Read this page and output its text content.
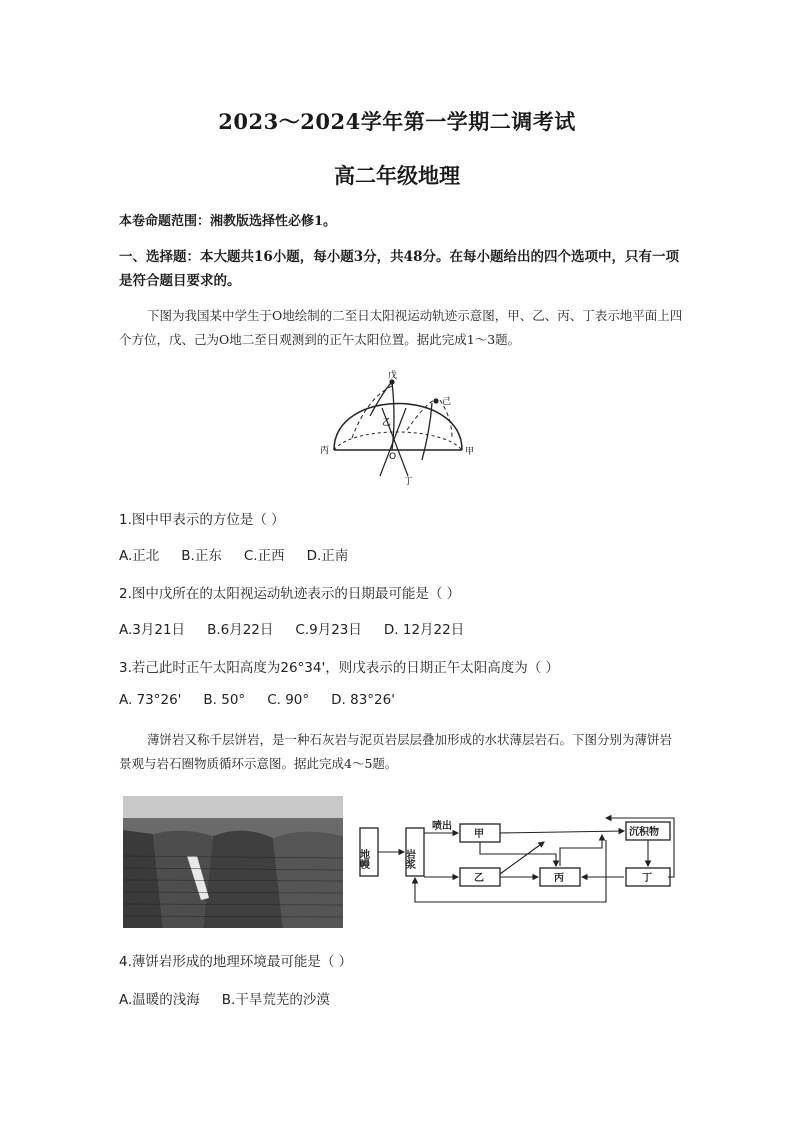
2023～2024学年第一学期二调考试
高二年级地理
本卷命题范围：湘教版选择性必修1。
一、选择题：本大题共16小题，每小题3分，共48分。在每小题给出的四个选项中，只有一项是符合题目要求的。
下图为我国某中学生于O地绘制的二至日太阳视运动轨迹示意图，甲、乙、丙、丁表示地平面上四个方位，戊、己为O地二至日观测到的正午太阳位置。据此完成1～3题。
戊
己
乙
丙	甲
O
丁
1.图中甲表示的方位是（ ）
A.正北 B.正东 C.正西 D.正南
2.图中戊所在的太阳视运动轨迹表示的日期最可能是（ ）
A.3月21日 B.6月22日 C.9月23日 D. 12月22日
3.若己此时正午太阳高度为26°34'，则戊表示的日期正午太阳高度为（ ）
A. 73°26' B. 50° C. 90° D. 83°26'
薄饼岩又称千层饼岩，是一种石灰岩与泥页岩层层叠加形成的水状薄层岩石。下图分别为薄饼岩景观与岩石圈物质循环示意图。据此完成4～5题。
地幔	岩浆
甲
乙	丙
沉积物
丁
喷出
4.薄饼岩形成的地理环境最可能是（ ）
A.温暖的浅海 B.干旱荒芜的沙漠
